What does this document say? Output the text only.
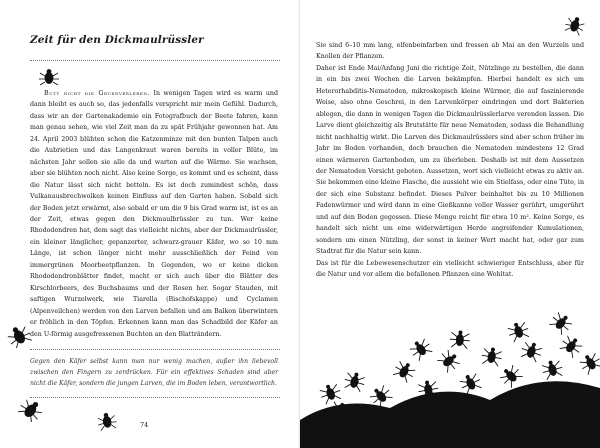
Zeit für den Dickmaulrüssler
Butt nicht die Gruedverleren. In wenigen Tagen wird es warm und dann bleibt es auch so, das jedenfalls verspricht mir mein Gefühl. Dadurch, dass wir an der Gartenakademie ein Fotografbuch der Beete fahren, kann man genau sehen, wie viel Zeit man da zu spät Frühjahr gewonnen hat. Am 24. April 2003 blühten schon die Katzenminze mit den bunten Talpen auch die Aubrietien und das Langenkraut waren bereits in voller Blüte, im nächsten Jahr sollen sie alle da und warten auf die Wärme. Sie wachsen, aber sie blühten noch nicht. Also keine Sorge, es kommt und es scheint, dass die Natur lässt sich nicht betteln. Es ist doch zumindest schön, dass Vulkanausbrechwolken keinen Einfluss auf den Garten haben. Sobald sich der Boden jetzt erwärmt, also sobald er um die 9 bis Grad warm ist, ist es an der Zeit, etwas gegen den Dickmaulbrüssler zu tun. Wer keine Rhododendren hat, dem sagt das vielleicht nichts, aber der Dickmaulrüssler, ein kleiner länglicher, gepanzerter, schwarz-grauer Käfer, wo so 10 mm Länge, ist schon länger nicht mehr ausschließlich der Feind von immergrünen Moorbeetpflanzen. In Gegenden, wo er keine dicken Rhododendronblätter findet, macht er sich auch über die Blätter des Kirschlorbeers, des Buchsbaums und der Rosen her. Sogar Stauden, mit saftigen Wurzelwerk, wie Tiarella (Bischofskappe) und Cyclamen (Alpenveilchen) werden von den Larven befallen und am Balkon überwintern er fröhlich in den Töpfen. Erkennen kann man das Schadbild der Käfer an den U-förmig ausgefressenen Buchten an den Blatträndern.
Gegen den Käfer selbst kann man nur wenig machen, außer ihn liebevoll zwischen den Fingern zu zerdrücken. Für ein effektives Schaden sind aber nicht die Käfer, sondern die jungen Larven, die im Boden leben, verantwortlich.
74
Sie sind 6–10 mm lang, elfenbeinfarben und fressen ab Mai an den Wurzeln und Knollen der Pflanzen.
Daher ist Ende Mai/Anfang Juni die richtige Zeit, Nützlinge zu bestellen, die dann in ein bis zwei Wochen die Larven bekämpfen. Hierbei handelt es sich um Heterorhabditis-Nematoden, mikroskopisch kleine Würmer, die auf faszinierende Weise, also ohne Geschrei, in den Larvenkörper eindringen und dort Bakterien ablegen, die dann in wenigen Tagen die Dickmaulrüsslerlarve verenden lassen. Die Larve dient gleichzeitig als Brutstätte für neue Nematoden, sodass die Behandlung nicht nachhaltig wirkt. Die Larven des Dickmaulrüsslers sind aber schon früher im Jahr im Boden vorhanden, doch brauchen die Nematoden mindestens 12 Grad einen wärmeren Gartenboden, um zu überleben. Deshalb ist mit dem Aussetzen der Nematoden Vorsicht geboten. Aussetzen, wort sich vielleicht etwas zu aktiv an. Sie bekommen eine kleine Flasche, die aussieht wie ein Stielfass, oder eine Tüte, in der sich eine Substanz befindet. Dieses Pulver beinhaltet bis zu 10 Millionen Fadenwürmer und wird dann in eine Gießkanne voller Wasser gerührt, umgerührt und auf den Boden gegossen. Diese Menge reicht für etwa 10 m². Keine Sorge, es handelt sich nicht um eine widerwärtigen Herde angreifender Kumulationen, sondern um einen Nützling, der sonst in keiner Wert macht hat, oder gar zum Stadtrat für die Natur sein kann.
Das ist für die Lebewesenschutzer ein vielleicht schwieriger Entschluss, aber für die Natur und vor allem die befallenen Pflanzen eine Wohltat.
